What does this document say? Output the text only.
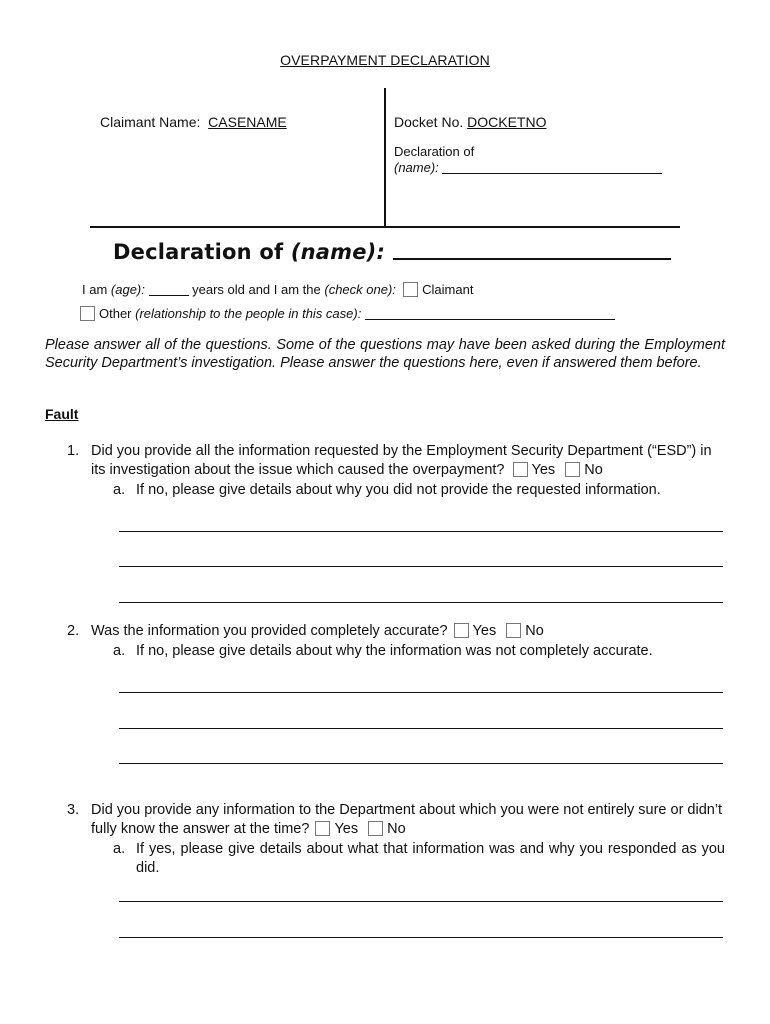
OVERPAYMENT DECLARATION
Claimant Name: CASENAME	Docket No. DOCKETNO
Declaration of
(name):
Declaration of (name):
I am (age):	years old and I am the (check one): Claimant
Other (relationship to the people in this case):
Please answer all of the questions. Some of the questions may have been asked during the Employment Security Department’s investigation. Please answer the questions here, even if answered them before.
Fault
1. Did you provide all the information requested by the Employment Security Department (“ESD”) in its investigation about the issue which caused the overpayment? Yes No
a. If no, please give details about why you did not provide the requested information.
2. Was the information you provided completely accurate? Yes No
a. If no, please give details about why the information was not completely accurate.
3. Did you provide any information to the Department about which you were not entirely sure or didn’t fully know the answer at the time? Yes No
a. If yes, please give details about what that information was and why you responded as you did.
